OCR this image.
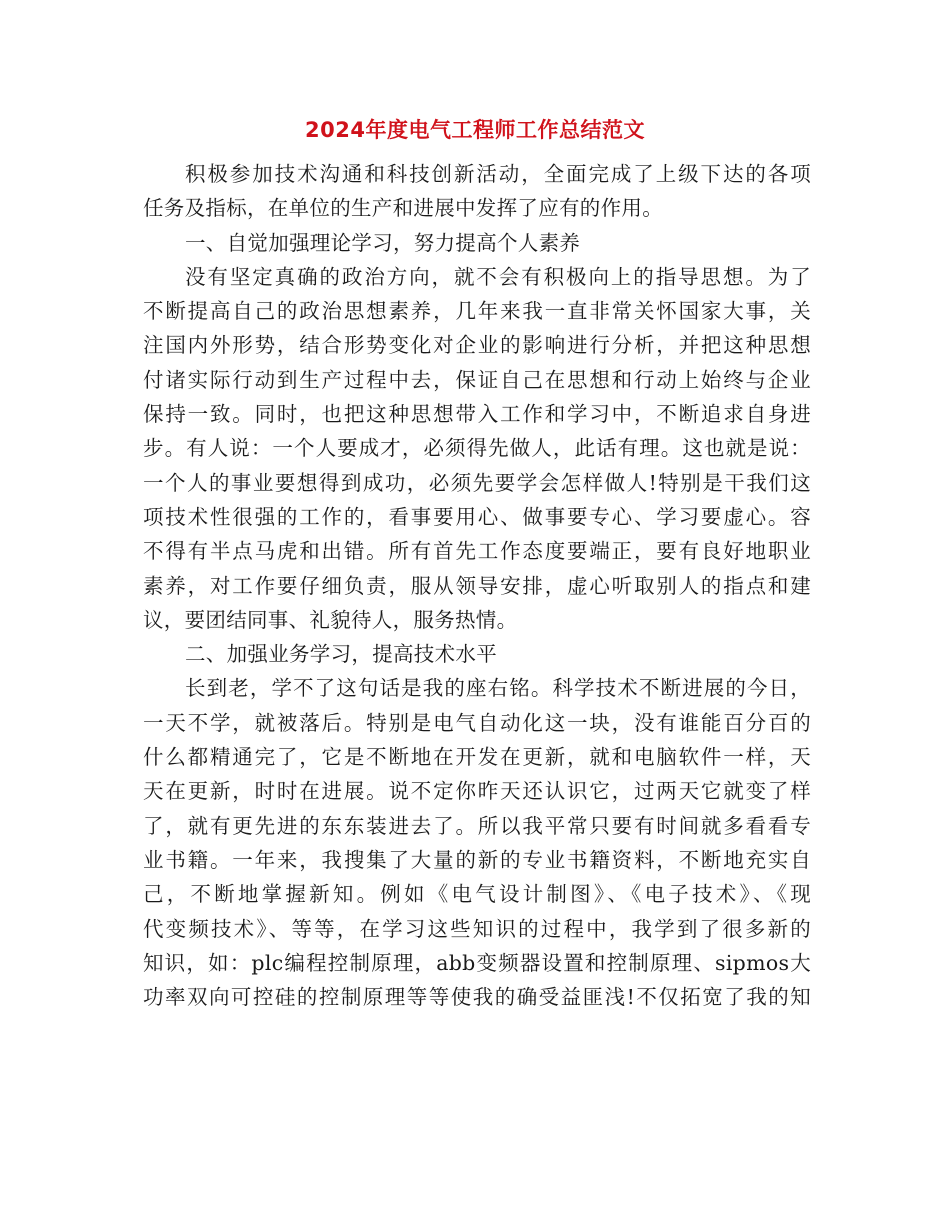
2024年度电气工程师工作总结范文
积极参加技术沟通和科技创新活动，全面完成了上级下达的各项
任务及指标，在单位的生产和进展中发挥了应有的作用。
一、自觉加强理论学习，努力提高个人素养
没有坚定真确的政治方向，就不会有积极向上的指导思想。为了
不断提高自己的政治思想素养，几年来我一直非常关怀国家大事，关
注国内外形势，结合形势变化对企业的影响进行分析，并把这种思想
付诸实际行动到生产过程中去，保证自己在思想和行动上始终与企业
保持一致。同时，也把这种思想带入工作和学习中，不断追求自身进
步。有人说：一个人要成才，必须得先做人，此话有理。这也就是说：
一个人的事业要想得到成功，必须先要学会怎样做人!特别是干我们这
项技术性很强的工作的，看事要用心、做事要专心、学习要虚心。容
不得有半点马虎和出错。所有首先工作态度要端正，要有良好地职业
素养，对工作要仔细负责，服从领导安排，虚心听取别人的指点和建
议，要团结同事、礼貌待人，服务热情。
二、加强业务学习，提高技术水平
长到老，学不了这句话是我的座右铭。科学技术不断进展的今日，
一天不学，就被落后。特别是电气自动化这一块，没有谁能百分百的
什么都精通完了，它是不断地在开发在更新，就和电脑软件一样，天
天在更新，时时在进展。说不定你昨天还认识它，过两天它就变了样
了，就有更先进的东东装进去了。所以我平常只要有时间就多看看专
业书籍。一年来，我搜集了大量的新的专业书籍资料，不断地充实自
己，不断地掌握新知。例如《电气设计制图》、《电子技术》、《现
代变频技术》、等等，在学习这些知识的过程中，我学到了很多新的
知识，如：plc编程控制原理，abb变频器设置和控制原理、sipmos大
功率双向可控硅的控制原理等等使我的确受益匪浅!不仅拓宽了我的知
